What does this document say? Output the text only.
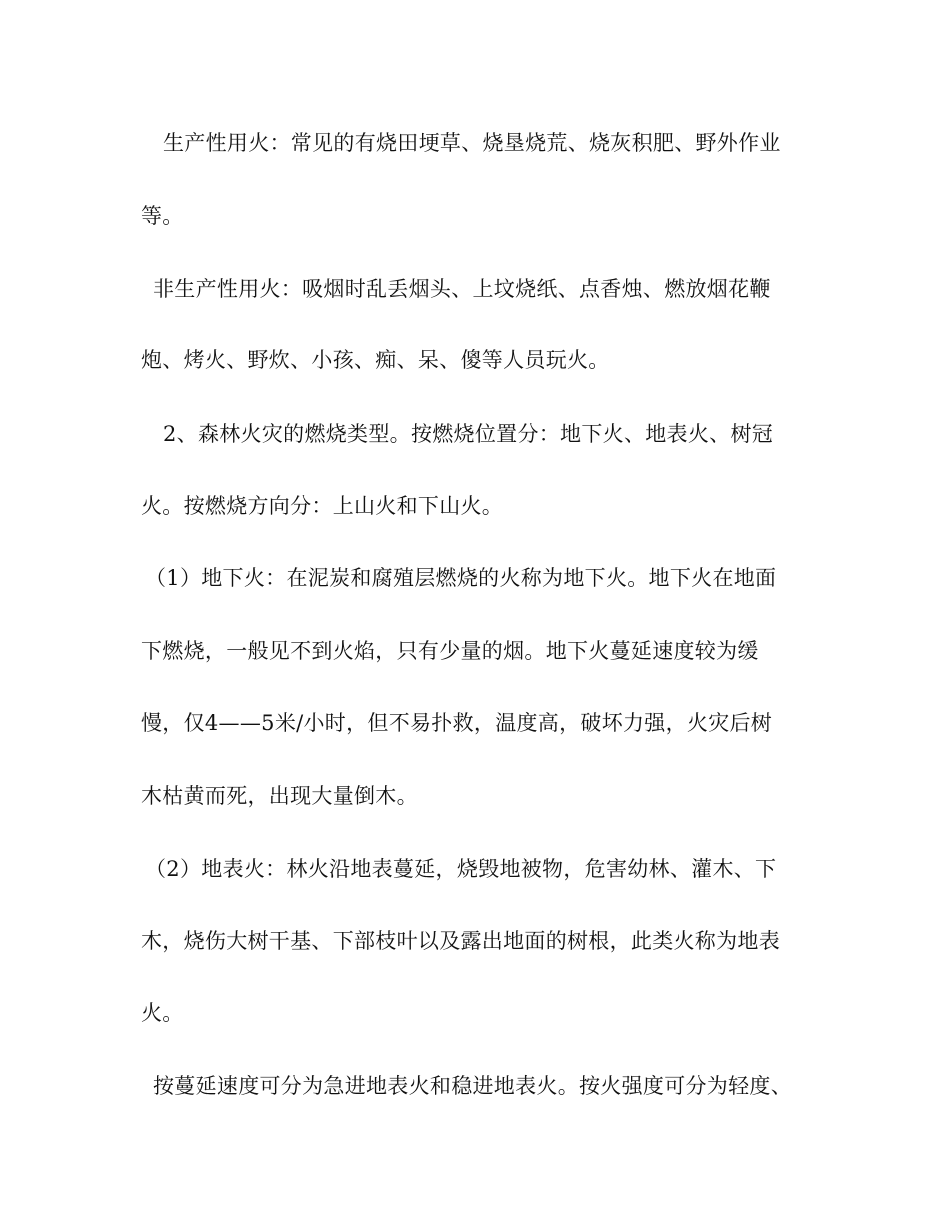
生产性用火：常见的有烧田埂草、烧垦烧荒、烧灰积肥、野外作业
等。
非生产性用火：吸烟时乱丢烟头、上坟烧纸、点香烛、燃放烟花鞭
炮、烤火、野炊、小孩、痴、呆、傻等人员玩火。
2、森林火灾的燃烧类型。按燃烧位置分：地下火、地表火、树冠
火。按燃烧方向分：上山火和下山火。
（1）地下火：在泥炭和腐殖层燃烧的火称为地下火。地下火在地面
下燃烧，一般见不到火焰，只有少量的烟。地下火蔓延速度较为缓
慢，仅4——5米/小时，但不易扑救，温度高，破坏力强，火灾后树
木枯黄而死，出现大量倒木。
（2）地表火：林火沿地表蔓延，烧毁地被物，危害幼林、灌木、下
木，烧伤大树干基、下部枝叶以及露出地面的树根，此类火称为地表
火。
按蔓延速度可分为急进地表火和稳进地表火。按火强度可分为轻度、
